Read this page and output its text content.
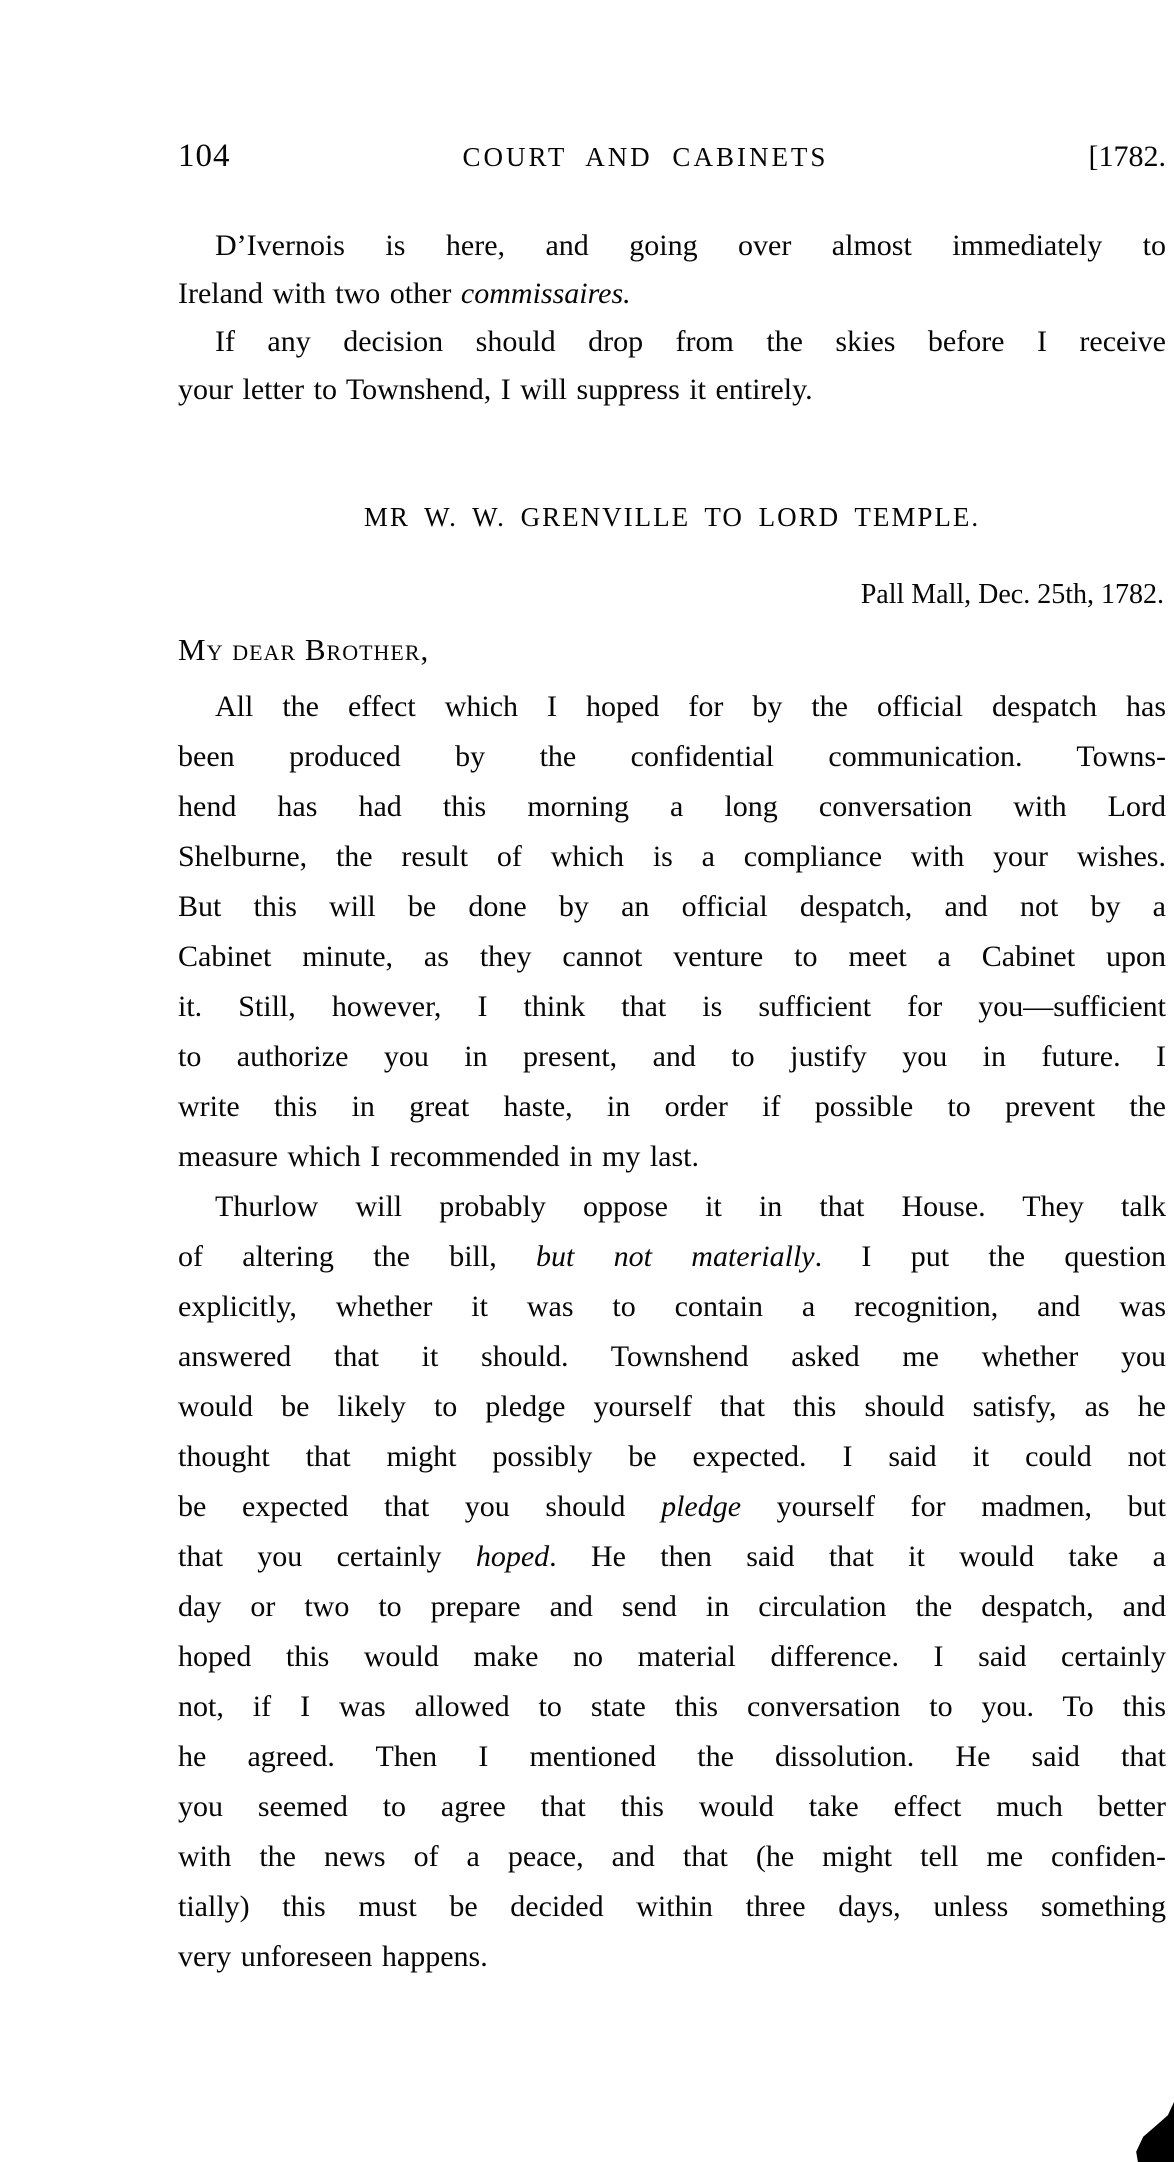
104	COURT AND CABINETS	[1782.
D’Ivernois is here, and going over almost immediately to
Ireland with two other commissaires.
If any decision should drop from the skies before I receive
your letter to Townshend, I will suppress it entirely.
MR W. W. GRENVILLE TO LORD TEMPLE.
Pall Mall, Dec. 25th, 1782.
My dear Brother,
All the effect which I hoped for by the official despatch has
been produced by the confidential communication. Towns-
hend has had this morning a long conversation with Lord
Shelburne, the result of which is a compliance with your wishes.
But this will be done by an official despatch, and not by a
Cabinet minute, as they cannot venture to meet a Cabinet upon
it. Still, however, I think that is sufficient for you—sufficient
to authorize you in present, and to justify you in future. I
write this in great haste, in order if possible to prevent the
measure which I recommended in my last.
Thurlow will probably oppose it in that House. They talk
of altering the bill, but not materially. I put the question
explicitly, whether it was to contain a recognition, and was
answered that it should. Townshend asked me whether you
would be likely to pledge yourself that this should satisfy, as he
thought that might possibly be expected. I said it could not
be expected that you should pledge yourself for madmen, but
that you certainly hoped. He then said that it would take a
day or two to prepare and send in circulation the despatch, and
hoped this would make no material difference. I said certainly
not, if I was allowed to state this conversation to you. To this
he agreed. Then I mentioned the dissolution. He said that
you seemed to agree that this would take effect much better
with the news of a peace, and that (he might tell me confiden-
tially) this must be decided within three days, unless something
very unforeseen happens.
